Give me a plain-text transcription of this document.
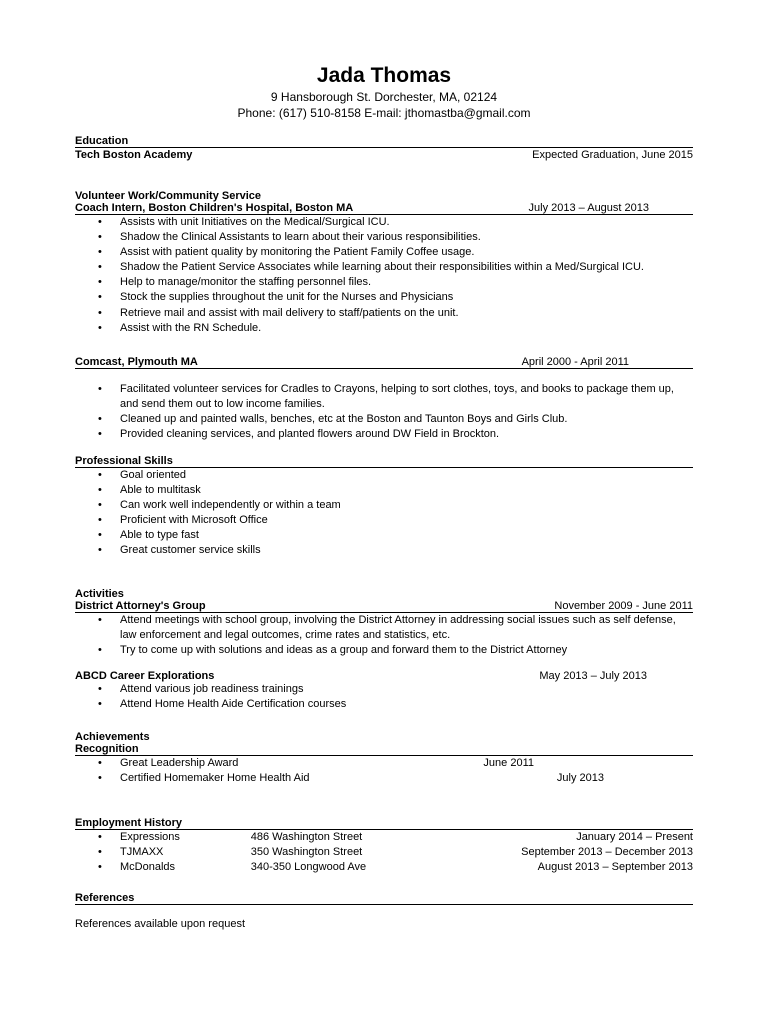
Jada Thomas
9 Hansborough St. Dorchester, MA, 02124
Phone: (617) 510-8158 E-mail: jthomastba@gmail.com
Education
Tech Boston Academy	Expected Graduation, June 2015
Volunteer Work/Community Service
Coach Intern, Boston Children's Hospital, Boston MA	July 2013 – August 2013
• Assists with unit Initiatives on the Medical/Surgical ICU.
• Shadow the Clinical Assistants to learn about their various responsibilities.
• Assist with patient quality by monitoring the Patient Family Coffee usage.
• Shadow the Patient Service Associates while learning about their responsibilities within a Med/Surgical ICU.
• Help to manage/monitor the staffing personnel files.
• Stock the supplies throughout the unit for the Nurses and Physicians
• Retrieve mail and assist with mail delivery to staff/patients on the unit.
• Assist with the RN Schedule.
Comcast, Plymouth MA	April 2000 - April 2011
• Facilitated volunteer services for Cradles to Crayons, helping to sort clothes, toys, and books to package them up, and send them out to low income families.
• Cleaned up and painted walls, benches, etc at the Boston and Taunton Boys and Girls Club.
• Provided cleaning services, and planted flowers around DW Field in Brockton.
Professional Skills
• Goal oriented
• Able to multitask
• Can work well independently or within a team
• Proficient with Microsoft Office
• Able to type fast
• Great customer service skills
Activities
District Attorney's Group	November 2009 - June 2011
• Attend meetings with school group, involving the District Attorney in addressing social issues such as self defense, law enforcement and legal outcomes, crime rates and statistics, etc.
• Try to come up with solutions and ideas as a group and forward them to the District Attorney
ABCD Career Explorations	May 2013 – July 2013
• Attend various job readiness trainings
• Attend Home Health Aide Certification courses
Achievements
Recognition
• Great Leadership Award	June 2011
• Certified Homemaker Home Health Aid	July 2013
Employment History
• Expressions	486 Washington Street	January 2014 – Present
• TJMAXX	350 Washington Street	September 2013 – December 2013
• McDonalds	340-350 Longwood Ave	August 2013 – September 2013
References
References available upon request
